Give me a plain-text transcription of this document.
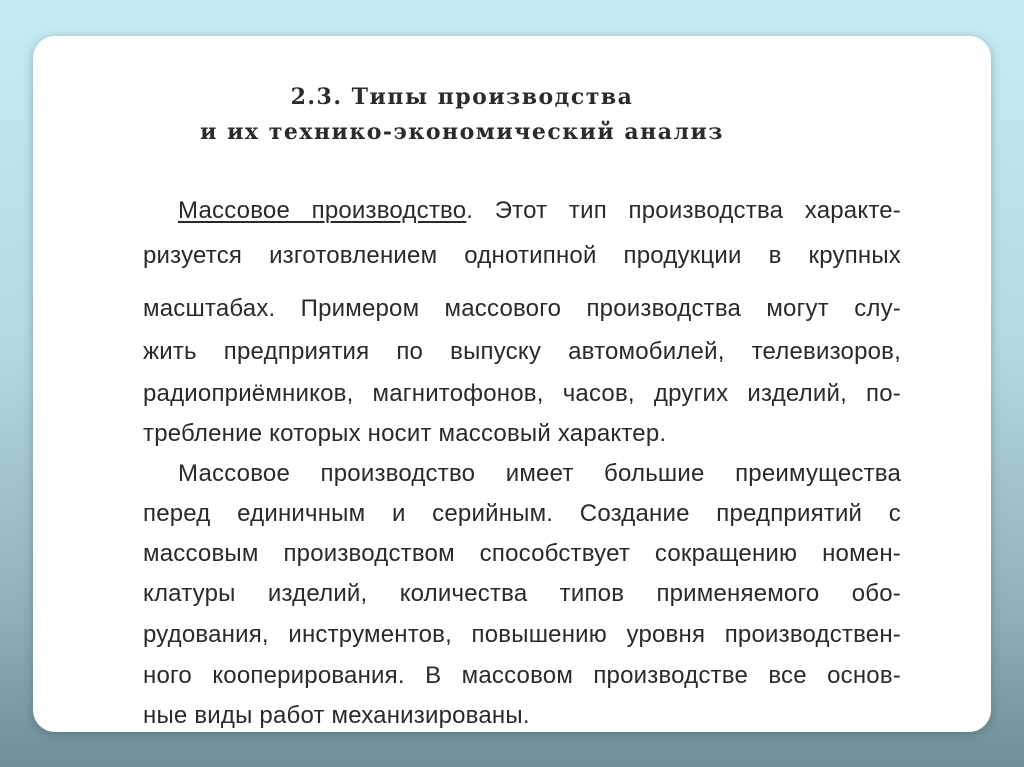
2.3. Типы производства
и их технико-экономический анализ
Массовое производство. Этот тип производства характе-
ризуется изготовлением однотипной продукции в крупных
масштабах. Примером массового производства могут слу-
жить предприятия по выпуску автомобилей, телевизоров,
радиоприёмников, магнитофонов, часов, других изделий, по-
требление которых носит массовый характер.
Массовое производство имеет большие преимущества
перед единичным и серийным. Создание предприятий с
массовым производством способствует сокращению номен-
клатуры изделий, количества типов применяемого обо-
рудования, инструментов, повышению уровня производствен-
ного кооперирования. В массовом производстве все основ-
ные виды работ механизированы.
